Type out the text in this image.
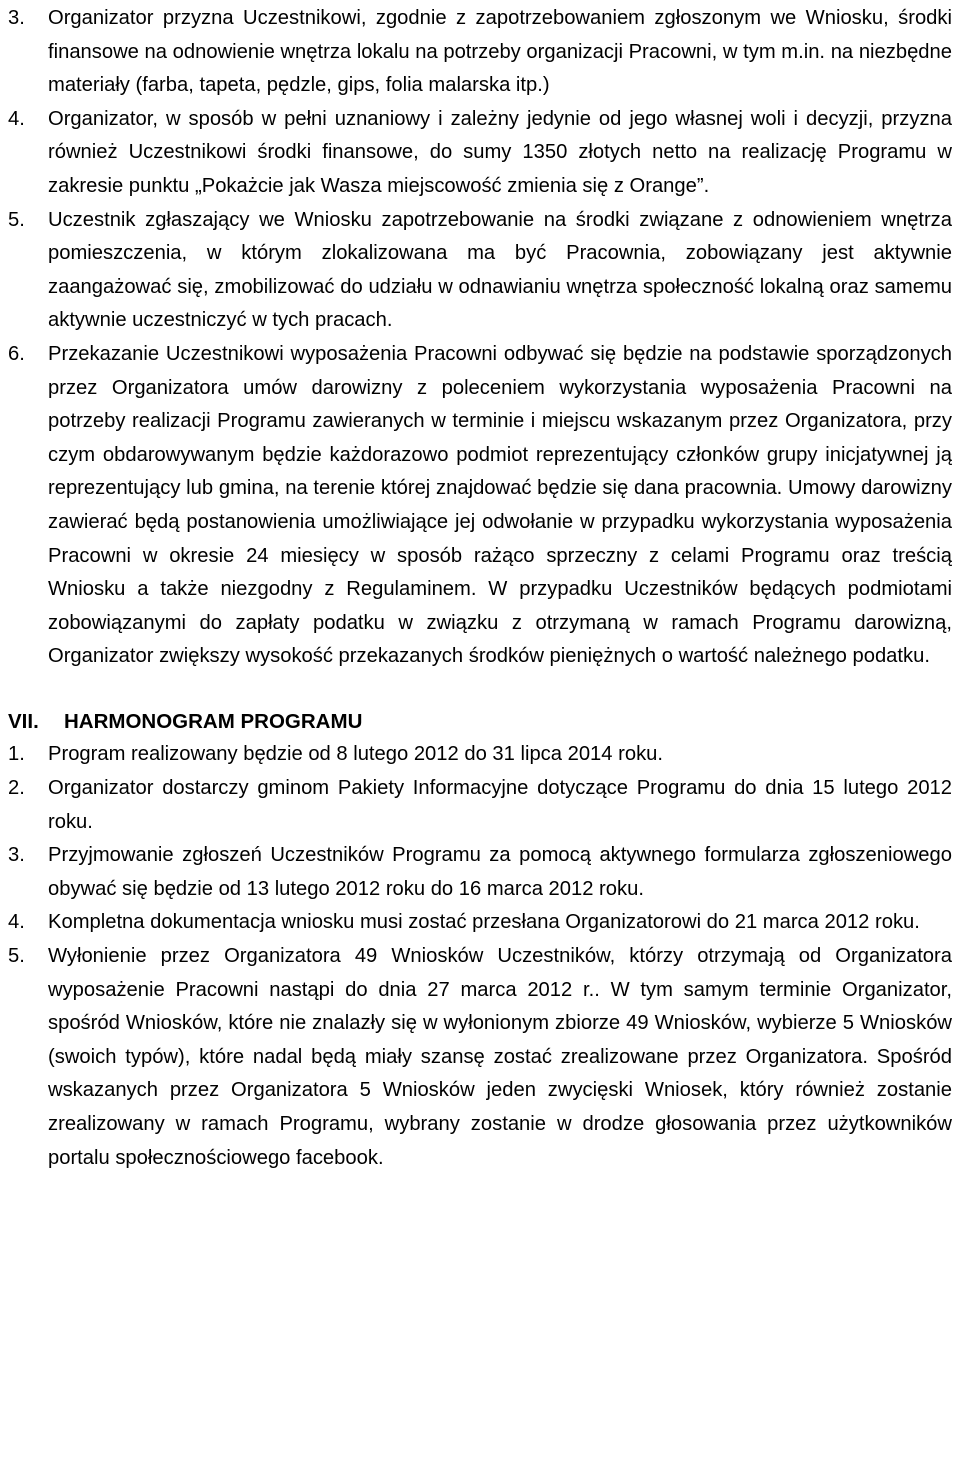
3.	Organizator przyzna Uczestnikowi, zgodnie z zapotrzebowaniem zgłoszonym we Wniosku, środki finansowe na odnowienie wnętrza lokalu na potrzeby organizacji Pracowni, w tym m.in. na niezbędne materiały (farba, tapeta, pędzle, gips, folia malarska itp.)
4.	Organizator, w sposób w pełni uznaniowy i zależny jedynie od jego własnej woli i decyzji, przyzna również Uczestnikowi środki finansowe, do sumy 1350 złotych netto na realizację Programu w zakresie punktu „Pokażcie jak Wasza miejscowość zmienia się z Orange”.
5.	Uczestnik zgłaszający we Wniosku zapotrzebowanie na środki związane z odnowieniem wnętrza pomieszczenia, w którym zlokalizowana ma być Pracownia, zobowiązany jest aktywnie zaangażować się, zmobilizować do udziału w odnawianiu wnętrza społeczność lokalną oraz samemu aktywnie uczestniczyć w tych pracach.
6.	Przekazanie Uczestnikowi wyposażenia Pracowni odbywać się będzie na podstawie sporządzonych przez Organizatora umów darowizny z poleceniem wykorzystania wyposażenia Pracowni na potrzeby realizacji Programu zawieranych w terminie i miejscu wskazanym przez Organizatora, przy czym obdarowywanym będzie każdorazowo podmiot reprezentujący członków grupy inicjatywnej ją reprezentujący lub gmina, na terenie której znajdować będzie się dana pracownia. Umowy darowizny zawierać będą postanowienia umożliwiające jej odwołanie w przypadku wykorzystania wyposażenia Pracowni w okresie 24 miesięcy w sposób rażąco sprzeczny z celami Programu oraz treścią Wniosku a także niezgodny z Regulaminem. W przypadku Uczestników będących podmiotami zobowiązanymi do zapłaty podatku w związku z otrzymaną w ramach Programu darowizną, Organizator zwiększy wysokość przekazanych środków pieniężnych o wartość należnego podatku.
VII.	HARMONOGRAM PROGRAMU
1.	Program realizowany będzie od 8 lutego 2012 do 31 lipca 2014 roku.
2.	Organizator dostarczy gminom Pakiety Informacyjne dotyczące Programu do dnia 15 lutego 2012 roku.
3.	Przyjmowanie zgłoszeń Uczestników Programu za pomocą aktywnego formularza zgłoszeniowego obywać się będzie od 13 lutego 2012 roku do 16 marca 2012 roku.
4.	Kompletna dokumentacja wniosku musi zostać przesłana Organizatorowi do 21 marca 2012 roku.
5.	Wyłonienie przez Organizatora 49 Wniosków Uczestników, którzy otrzymają od Organizatora wyposażenie Pracowni nastąpi do dnia 27 marca 2012 r.. W tym samym terminie Organizator, spośród Wniosków, które nie znalazły się w wyłonionym zbiorze 49 Wniosków, wybierze 5 Wniosków (swoich typów), które nadal będą miały szansę zostać zrealizowane przez Organizatora. Spośród wskazanych przez Organizatora 5 Wniosków jeden zwycięski Wniosek, który również zostanie zrealizowany w ramach Programu, wybrany zostanie w drodze głosowania przez użytkowników portalu społecznościowego facebook.
